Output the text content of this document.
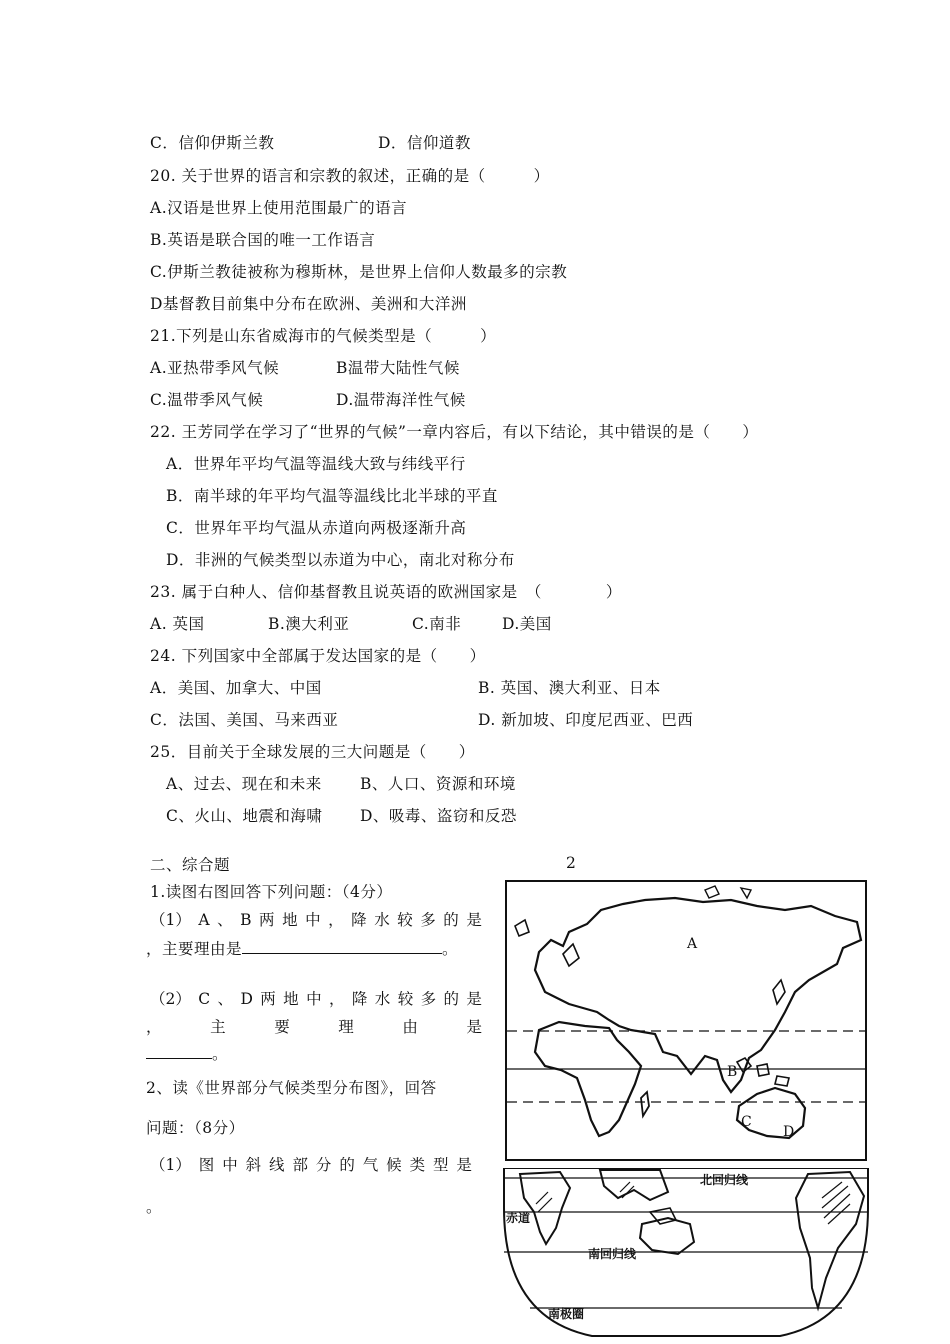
2
C．信仰伊斯兰教	D．信仰道教
20. 关于世界的语言和宗教的叙述，正确的是（　　　）
A.汉语是世界上使用范围最广的语言
B.英语是联合国的唯一工作语言
C.伊斯兰教徒被称为穆斯林，是世界上信仰人数最多的宗教
D基督教目前集中分布在欧洲、美洲和大洋洲
21.下列是山东省威海市的气候类型是（　　　）
A.亚热带季风气候	B温带大陆性气候
C.温带季风气候	D.温带海洋性气候
22. 王芳同学在学习了“世界的气候”一章内容后，有以下结论，其中错误的是（　　）
A．世界年平均气温等温线大致与纬线平行
B．南半球的年平均气温等温线比北半球的平直
C．世界年平均气温从赤道向两极逐渐升高
D．非洲的气候类型以赤道为中心，南北对称分布
23. 属于白种人、信仰基督教且说英语的欧洲国家是　（　　　　）
A. 英国	B.澳大利亚	C.南非	D.美国
24. 下列国家中全部属于发达国家的是（　　）
A．美国、加拿大、中国	B. 英国、澳大利亚、日本
C．法国、美国、马来西亚	D. 新加坡、印度尼西亚、巴西
25．目前关于全球发展的三大问题是（　　）
A、过去、现在和未来 B、人口、资源和环境
C、火山、地震和海啸 D、吸毒、盗窃和反恐
二、综合题
1.读图右图回答下列问题：（4分）
（1） A 、 B 两 地 中 ， 降 水 较 多 的 是
，主要理由是	。
（2） C 、 D 两 地 中 ， 降 水 较 多 的 是
，	主	要	理	由	是
。
2、读《世界部分气候类型分布图》，回答
问题：（8分）
（1） 图 中 斜 线 部 分 的 气 候 类 型 是
。
A
B
C
D
北回归线
赤道
南回归线
南极圈
